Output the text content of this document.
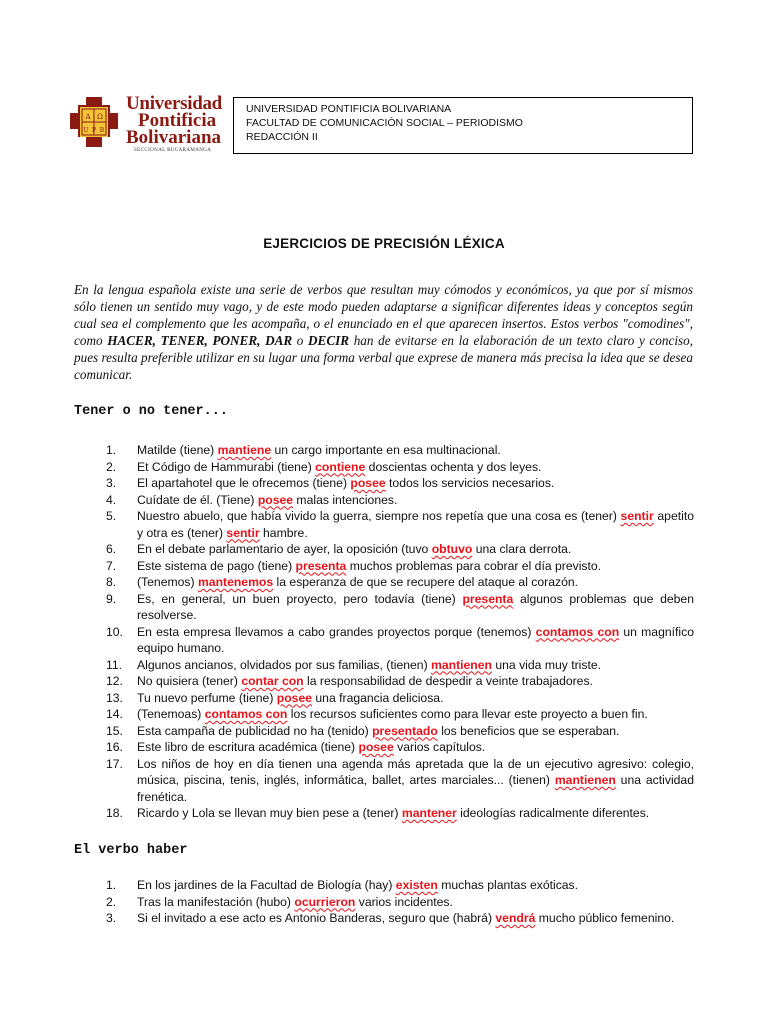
A Ω
U P B
Universidad
Pontificia
Bolivariana
SECCIONAL BUCARAMANGA
UNIVERSIDAD PONTIFICIA BOLIVARIANA
FACULTAD DE COMUNICACIÓN SOCIAL – PERIODISMO
REDACCIÓN II
EJERCICIOS DE PRECISIÓN LÉXICA

En la lengua española existe una serie de verbos que resultan muy cómodos y económicos, ya que por sí mismos sólo tienen un sentido muy vago, y de este modo pueden adaptarse a significar diferentes ideas y conceptos según cual sea el complemento que les acompaña, o el enunciado en el que aparecen insertos. Estos verbos "comodines", como HACER, TENER, PONER, DAR o DECIR han de evitarse en la elaboración de un texto claro y conciso, pues resulta preferible utilizar en su lugar una forma verbal que exprese de manera más precisa la idea que se desea comunicar.

Tener o no tener...
1.	Matilde (tiene) mantiene un cargo importante en esa multinacional.
2.	Et Código de Hammurabi (tiene) contiene doscientas ochenta y dos leyes.
3.	El apartahotel que le ofrecemos (tiene) posee todos los servicios necesarios.
4.	Cuídate de él. (Tiene) posee malas intenciones.
5.	Nuestro abuelo, que había vivido la guerra, siempre nos repetía que una cosa es (tener) sentir apetito y otra es (tener) sentir hambre.
6.	En el debate parlamentario de ayer, la oposición (tuvo obtuvo una clara derrota.
7.	Este sistema de pago (tiene) presenta muchos problemas para cobrar el día previsto.
8.	(Tenemos) mantenemos la esperanza de que se recupere del ataque al corazón.
9.	Es, en general, un buen proyecto, pero todavía (tiene) presenta algunos problemas que deben resolverse.
10. En esta empresa llevamos a cabo grandes proyectos porque (tenemos) contamos con un magnífico equipo humano.
11.	Algunos ancianos, olvidados por sus familias, (tienen) mantienen una vida muy triste.
12. No quisiera (tener) contar con la responsabilidad de despedir a veinte trabajadores.
13. Tu nuevo perfume (tiene) posee una fragancia deliciosa.
14. (Tenemoas) contamos con los recursos suficientes como para llevar este proyecto a buen fin.
15. Esta campaña de publicidad no ha (tenido) presentado los beneficios que se esperaban.
16. Este libro de escritura académica (tiene) posee varios capítulos.
17. Los niños de hoy en día tienen una agenda más apretada que la de un ejecutivo agresivo: colegio, música, piscina, tenis, inglés, informática, ballet, artes marciales... (tienen) mantienen una actividad frenética.
18. Ricardo y Lola se llevan muy bien pese a (tener) mantener ideologías radicalmente diferentes.
El verbo haber
1.	En los jardines de la Facultad de Biología (hay) existen muchas plantas exóticas.
2.	Tras la manifestación (hubo) ocurrieron varios incidentes.
3.	Si el invitado a ese acto es Antonio Banderas, seguro que (habrá) vendrá mucho público femenino.
